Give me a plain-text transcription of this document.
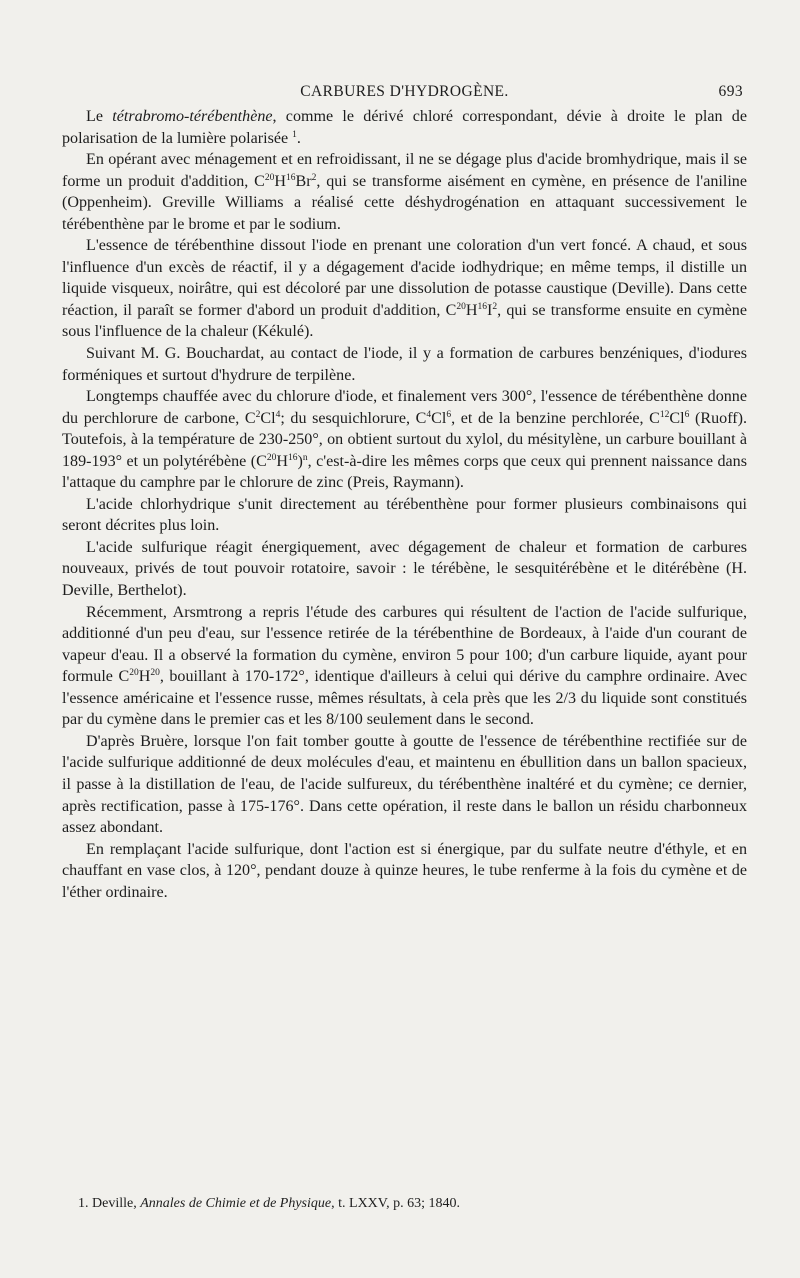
CARBURES D'HYDROGÈNE.	693

Le tétrabromo-térébenthène, comme le dérivé chloré correspondant, dévie à droite le plan de polarisation de la lumière polarisée $^1$.

En opérant avec ménagement et en refroidissant, il ne se dégage plus d'acide bromhydrique, mais il se forme un produit d'addition, $C^{20}H^{16}Br^2$, qui se transforme aisément en cymène, en présence de l'aniline (Oppenheim). Greville Williams a réalisé cette déshydrogénation en attaquant successivement le térébenthène par le brome et par le sodium.

L'essence de térébenthine dissout l'iode en prenant une coloration d'un vert foncé. A chaud, et sous l'influence d'un excès de réactif, il y a dégagement d'acide iodhydrique; en même temps, il distille un liquide visqueux, noirâtre, qui est décoloré par une dissolution de potasse caustique (Deville). Dans cette réaction, il paraît se former d'abord un produit d'addition, $C^{20}H^{16}I^2$, qui se transforme ensuite en cymène sous l'influence de la chaleur (Kékulé).

Suivant M. G. Bouchardat, au contact de l'iode, il y a formation de carbures benzéniques, d'iodures forméniques et surtout d'hydrure de terpilène.

Longtemps chauffée avec du chlorure d'iode, et finalement vers 300°, l'essence de térébenthène donne du perchlorure de carbone, $C^2Cl^4$; du sesquichlorure, $C^4Cl^6$, et de la benzine perchlorée, $C^{12}Cl^6$ (Ruoff). Toutefois, à la température de 230-250°, on obtient surtout du xylol, du mésitylène, un carbure bouillant à 189-193° et un polytérébène $(C^{20}H^{16})^n$, c'est-à-dire les mêmes corps que ceux qui prennent naissance dans l'attaque du camphre par le chlorure de zinc (Preis, Raymann).

L'acide chlorhydrique s'unit directement au térébenthène pour former plusieurs combinaisons qui seront décrites plus loin.

L'acide sulfurique réagit énergiquement, avec dégagement de chaleur et formation de carbures nouveaux, privés de tout pouvoir rotatoire, savoir : le térébène, le sesquitérébène et le ditérébène (H. Deville, Berthelot).

Récemment, Arsmtrong a repris l'étude des carbures qui résultent de l'action de l'acide sulfurique, additionné d'un peu d'eau, sur l'essence retirée de la térébenthine de Bordeaux, à l'aide d'un courant de vapeur d'eau. Il a observé la formation du cymène, environ 5 pour 100; d'un carbure liquide, ayant pour formule $C^{20}H^{20}$, bouillant à 170-172°, identique d'ailleurs à celui qui dérive du camphre ordinaire. Avec l'essence américaine et l'essence russe, mêmes résultats, à cela près que les 2/3 du liquide sont constitués par du cymène dans le premier cas et les 8/100 seulement dans le second.

D'après Bruère, lorsque l'on fait tomber goutte à goutte de l'essence de térébenthine rectifiée sur de l'acide sulfurique additionné de deux molécules d'eau, et maintenu en ébullition dans un ballon spacieux, il passe à la distillation de l'eau, de l'acide sulfureux, du térébenthène inaltéré et du cymène; ce dernier, après rectification, passe à 175-176°. Dans cette opération, il reste dans le ballon un résidu charbonneux assez abondant.

En remplaçant l'acide sulfurique, dont l'action est si énergique, par du sulfate neutre d'éthyle, et en chauffant en vase clos, à 120°, pendant douze à quinze heures, le tube renferme à la fois du cymène et de l'éther ordinaire.

1. Deville, Annales de Chimie et de Physique, t. LXXV, p. 63; 1840.
